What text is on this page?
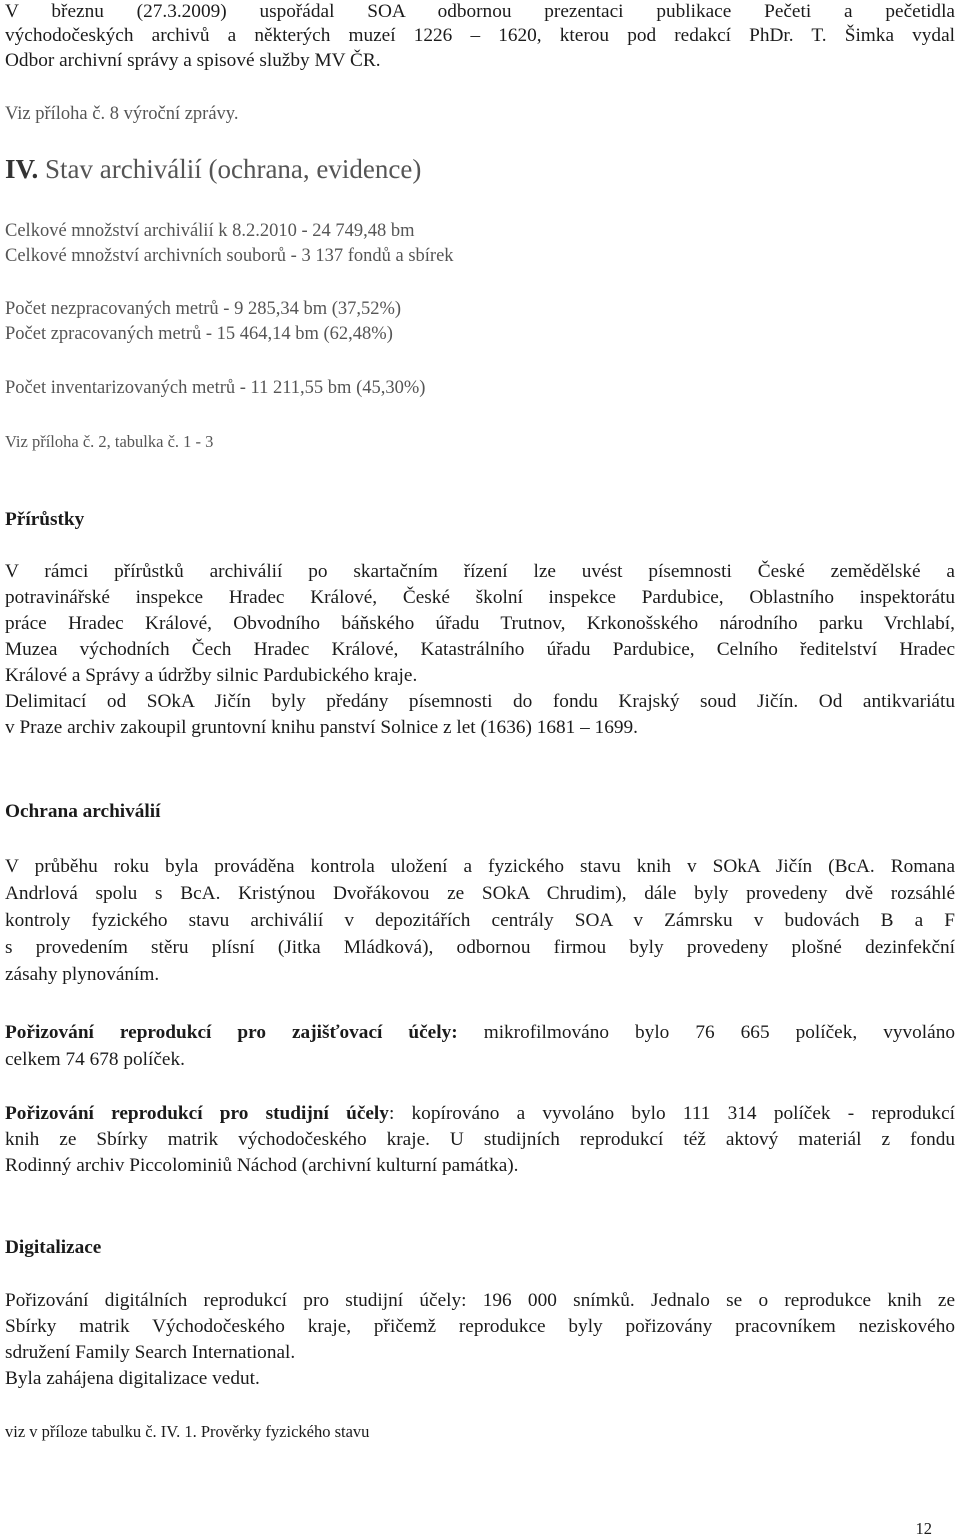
V březnu (27.3.2009) uspořádal SOA odbornou prezentaci publikace Pečeti a pečetidla
východočeských archivů a některých muzeí 1226 – 1620, kterou pod redakcí PhDr. T. Šimka vydal
Odbor archivní správy a spisové služby MV ČR.
Viz příloha č. 8 výroční zprávy.
IV. Stav archiválií (ochrana, evidence)
Celkové množství archiválií k 8.2.2010 - 24 749,48 bm
Celkové množství archivních souborů - 3 137 fondů a sbírek
Počet nezpracovaných metrů - 9 285,34 bm (37,52%)
Počet zpracovaných metrů - 15 464,14 bm (62,48%)
Počet inventarizovaných metrů - 11 211,55 bm (45,30%)
Viz příloha č. 2, tabulka č. 1 - 3
Přírůstky
V rámci přírůstků archiválií po skartačním řízení lze uvést písemnosti České zemědělské a
potravinářské inspekce Hradec Králové, České školní inspekce Pardubice, Oblastního inspektorátu
práce Hradec Králové, Obvodního báňského úřadu Trutnov, Krkonošského národního parku Vrchlabí,
Muzea východních Čech Hradec Králové, Katastrálního úřadu Pardubice, Celního ředitelství Hradec
Králové a Správy a údržby silnic Pardubického kraje.
Delimitací od SOkA Jičín byly předány písemnosti do fondu Krajský soud Jičín. Od antikvariátu
v Praze archiv zakoupil gruntovní knihu panství Solnice z let (1636) 1681 – 1699.
Ochrana archiválií
V průběhu roku byla prováděna kontrola uložení a fyzického stavu knih v SOkA Jičín (BcA. Romana
Andrlová spolu s BcA. Kristýnou Dvořákovou ze SOkA Chrudim), dále byly provedeny dvě rozsáhlé
kontroly fyzického stavu archiválií v depozitářích centrály SOA v Zámrsku v budovách B a F
s provedením stěru plísní (Jitka Mládková), odbornou firmou byly provedeny plošné dezinfekční
zásahy plynováním.
Pořizování reprodukcí pro zajišťovací účely: mikrofilmováno bylo 76 665 políček, vyvoláno
celkem 74 678 políček.
Pořizování reprodukcí pro studijní účely: kopírováno a vyvoláno bylo 111 314 políček - reprodukcí
knih ze Sbírky matrik východočeského kraje. U studijních reprodukcí též aktový materiál z fondu
Rodinný archiv Piccolominiů Náchod (archivní kulturní památka).
Digitalizace
Pořizování digitálních reprodukcí pro studijní účely: 196 000 snímků. Jednalo se o reprodukce knih ze
Sbírky matrik Východočeského kraje, přičemž reprodukce byly pořizovány pracovníkem neziskového
sdružení Family Search International.
Byla zahájena digitalizace vedut.
viz v příloze tabulku č. IV. 1. Prověrky fyzického stavu
12
